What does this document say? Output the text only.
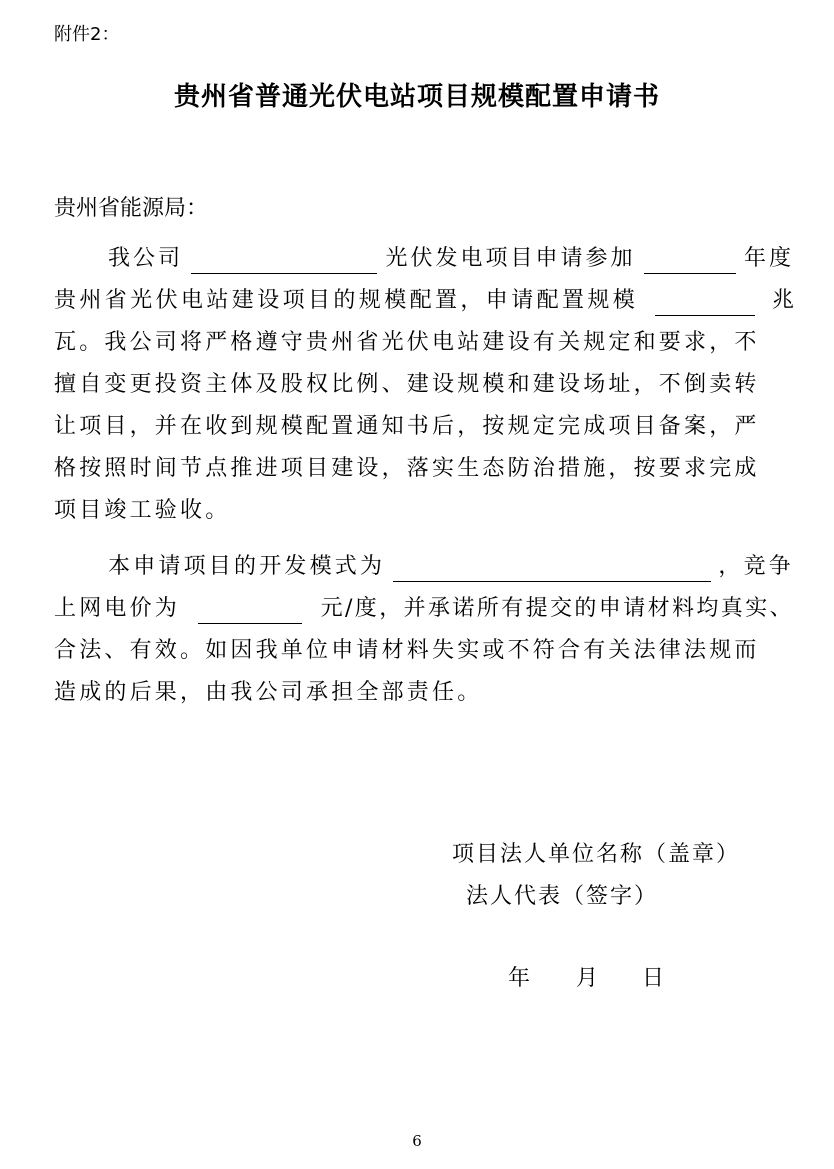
附件2：
贵州省普通光伏电站项目规模配置申请书
贵州省能源局：
我公司	光伏发电项目申请参加	年度
贵州省光伏电站建设项目的规模配置，申请配置规模	兆
瓦。我公司将严格遵守贵州省光伏电站建设有关规定和要求，不
擅自变更投资主体及股权比例、建设规模和建设场址，不倒卖转
让项目，并在收到规模配置通知书后，按规定完成项目备案，严
格按照时间节点推进项目建设，落实生态防治措施，按要求完成
项目竣工验收。
本申请项目的开发模式为	，竞争
上网电价为	元/度，并承诺所有提交的申请材料均真实、
合法、有效。如因我单位申请材料失实或不符合有关法律法规而
造成的后果，由我公司承担全部责任。
项目法人单位名称（盖章）
法人代表（签字）
年 月 日
6
